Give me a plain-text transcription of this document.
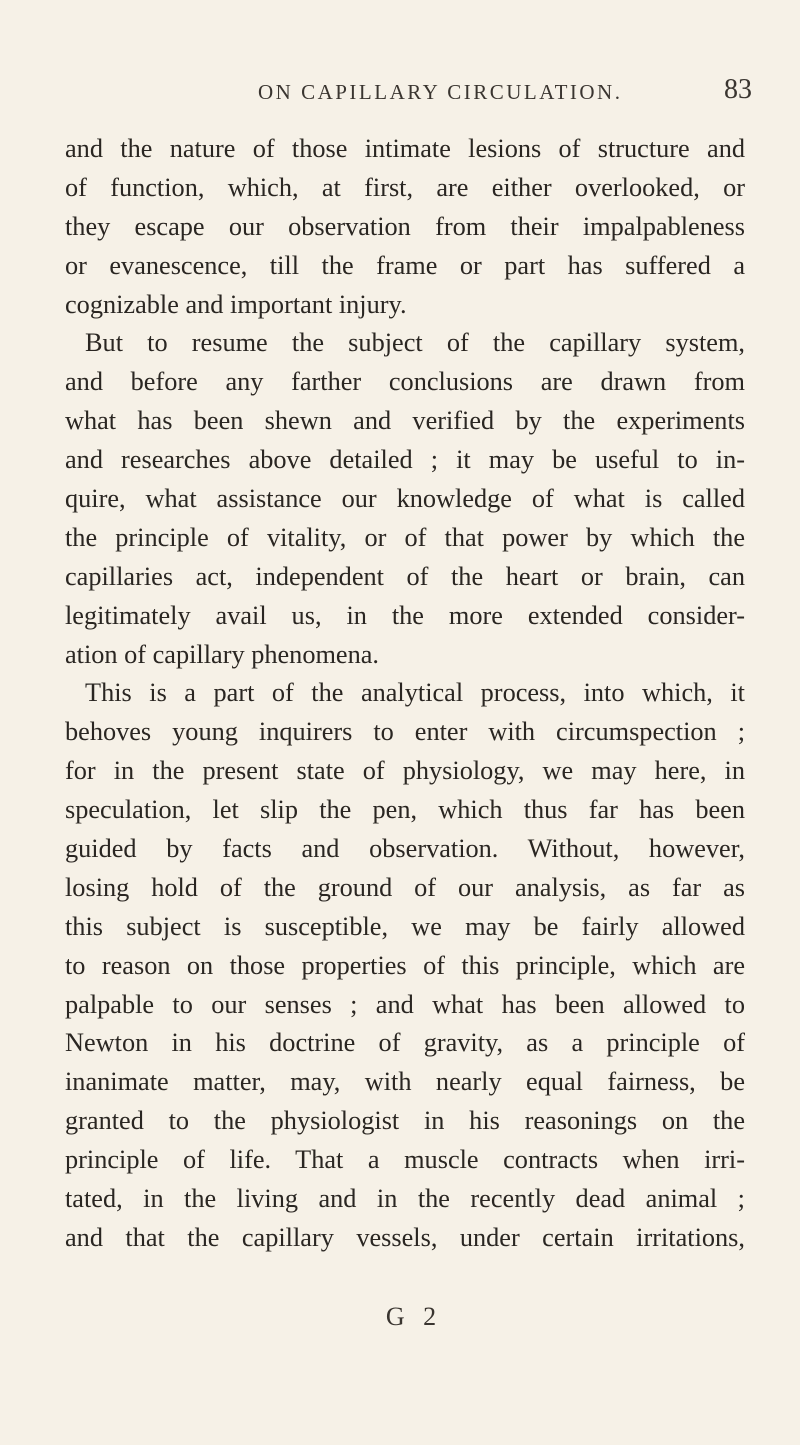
ON CAPILLARY CIRCULATION.	83
and the nature of those intimate lesions of structure and
of function, which, at first, are either overlooked, or
they escape our observation from their impalpableness
or evanescence, till the frame or part has suffered a
cognizable and important injury.
But to resume the subject of the capillary system,
and before any farther conclusions are drawn from
what has been shewn and verified by the experiments
and researches above detailed ; it may be useful to in-
quire, what assistance our knowledge of what is called
the principle of vitality, or of that power by which the
capillaries act, independent of the heart or brain, can
legitimately avail us, in the more extended consider-
ation of capillary phenomena.
This is a part of the analytical process, into which, it
behoves young inquirers to enter with circumspection ;
for in the present state of physiology, we may here, in
speculation, let slip the pen, which thus far has been
guided by facts and observation. Without, however,
losing hold of the ground of our analysis, as far as
this subject is susceptible, we may be fairly allowed
to reason on those properties of this principle, which are
palpable to our senses ; and what has been allowed to
Newton in his doctrine of gravity, as a principle of
inanimate matter, may, with nearly equal fairness, be
granted to the physiologist in his reasonings on the
principle of life. That a muscle contracts when irri-
tated, in the living and in the recently dead animal ;
and that the capillary vessels, under certain irritations,
G 2
